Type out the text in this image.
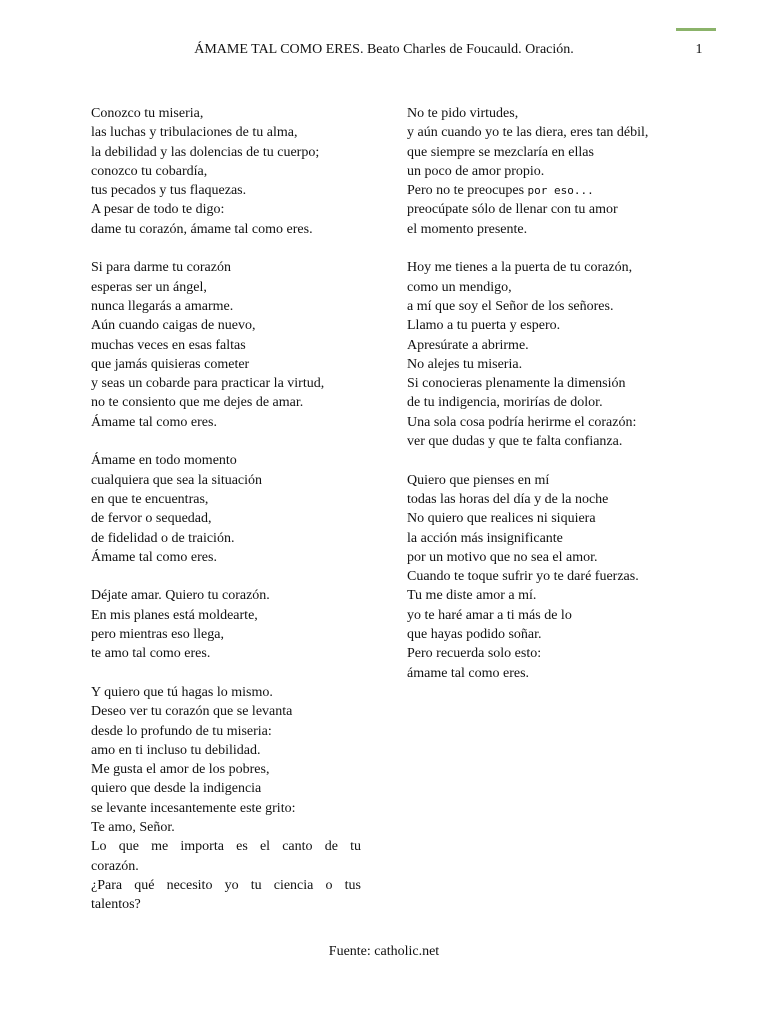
ÁMAME TAL COMO ERES. Beato Charles de Foucauld. Oración.	1
Conozco tu miseria,
las luchas y tribulaciones de tu alma,
la debilidad y las dolencias de tu cuerpo;
conozco tu cobardía,
tus pecados y tus flaquezas.
A pesar de todo te digo:
dame tu corazón, ámame tal como eres.
Si para darme tu corazón
esperas ser un ángel,
nunca llegarás a amarme.
Aún cuando caigas de nuevo,
muchas veces en esas faltas
que jamás quisieras cometer
y seas un cobarde para practicar la virtud,
no te consiento que me dejes de amar.
Ámame tal como eres.
Ámame en todo momento
cualquiera que sea la situación
en que te encuentras,
de fervor o sequedad,
de fidelidad o de traición.
Ámame tal como eres.
Déjate amar. Quiero tu corazón.
En mis planes está moldearte,
pero mientras eso llega,
te amo tal como eres.
Y quiero que tú hagas lo mismo.
Deseo ver tu corazón que se levanta
desde lo profundo de tu miseria:
amo en ti incluso tu debilidad.
Me gusta el amor de los pobres,
quiero que desde la indigencia
se levante incesantemente este grito:
Te amo, Señor.
Lo que me importa es el canto de tu
corazón.
¿Para qué necesito yo tu ciencia o tus
talentos?
No te pido virtudes,
y aún cuando yo te las diera, eres tan débil,
que siempre se mezclaría en ellas
un poco de amor propio.
Pero no te preocupes por eso...
preocúpate sólo de llenar con tu amor
el momento presente.
Hoy me tienes a la puerta de tu corazón,
como un mendigo,
a mí que soy el Señor de los señores.
Llamo a tu puerta y espero.
Apresúrate a abrirme.
No alejes tu miseria.
Si conocieras plenamente la dimensión
de tu indigencia, morirías de dolor.
Una sola cosa podría herirme el corazón:
ver que dudas y que te falta confianza.
Quiero que pienses en mí
todas las horas del día y de la noche
No quiero que realices ni siquiera
la acción más insignificante
por un motivo que no sea el amor.
Cuando te toque sufrir yo te daré fuerzas.
Tu me diste amor a mí.
yo te haré amar a ti más de lo
que hayas podido soñar.
Pero recuerda solo esto:
ámame tal como eres.
Fuente: catholic.net
